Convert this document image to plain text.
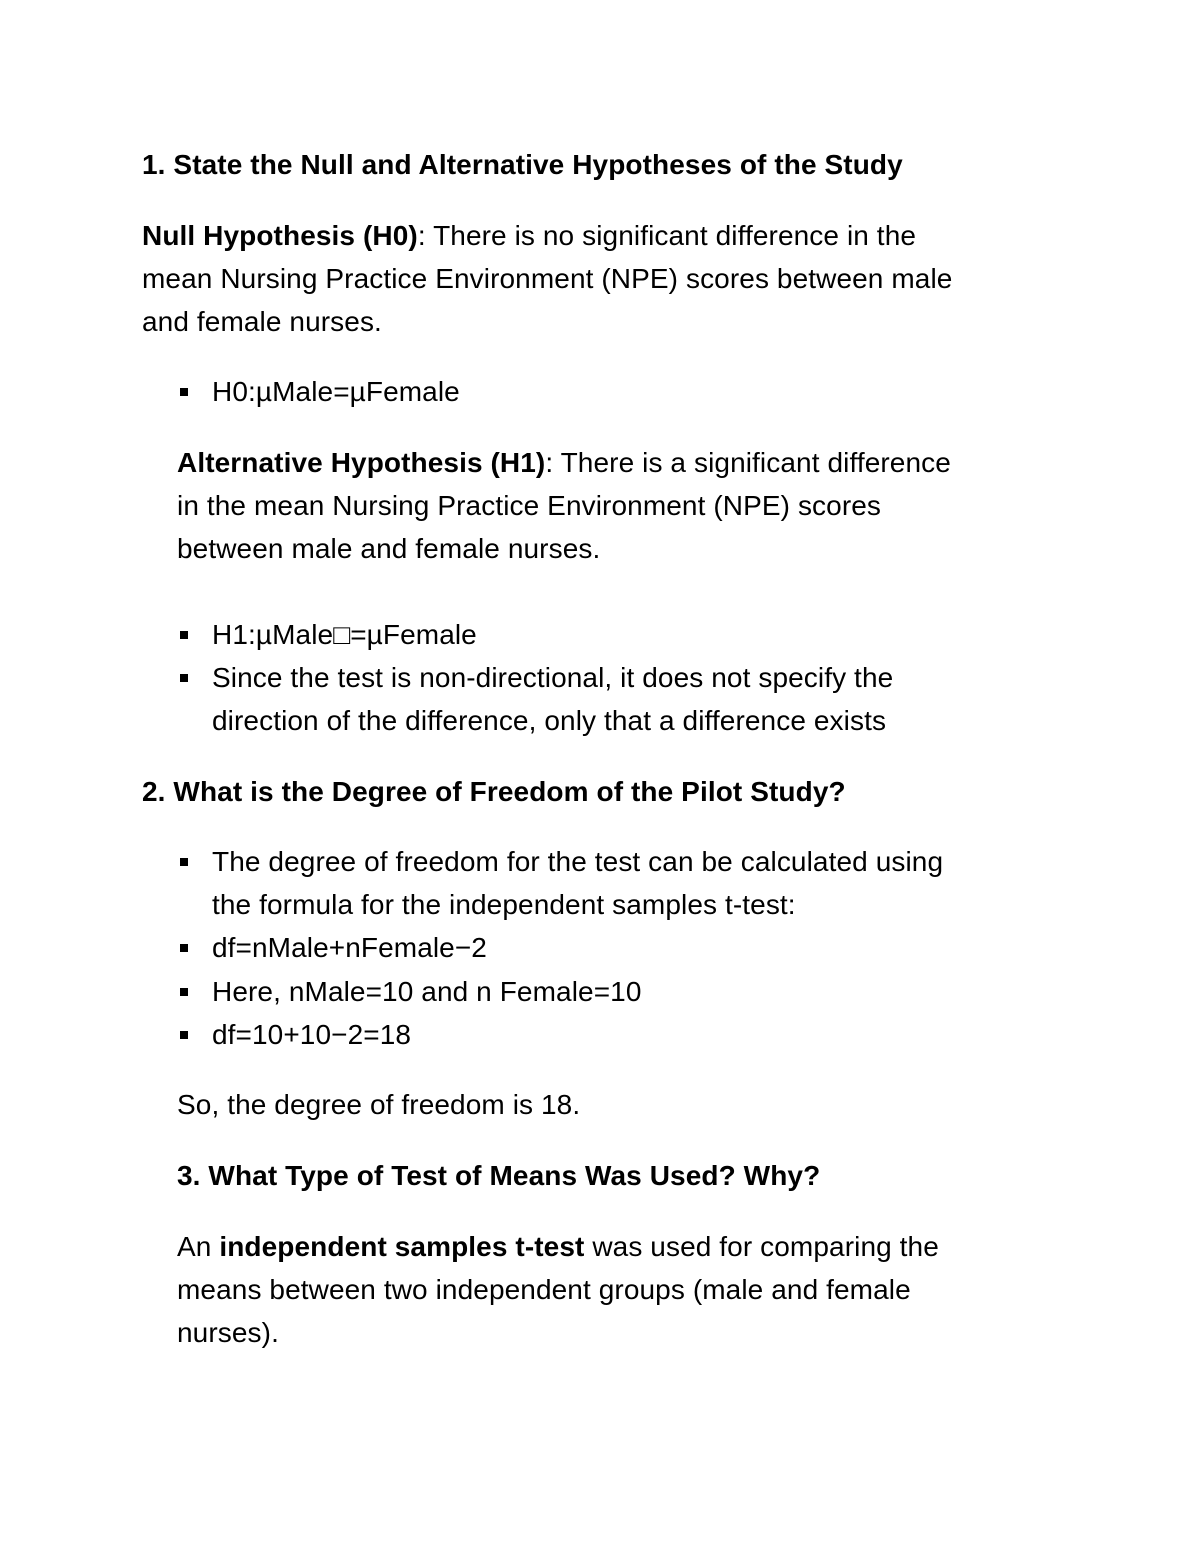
1. State the Null and Alternative Hypotheses of the Study
Null Hypothesis (H0): There is no significant difference in the
mean Nursing Practice Environment (NPE) scores between male
and female nurses.
H0:µMale=µFemale
Alternative Hypothesis (H1): There is a significant difference
in the mean Nursing Practice Environment (NPE) scores
between male and female nurses.
H1:µMale□=µFemale
Since the test is non-directional, it does not specify the
direction of the difference, only that a difference exists
2. What is the Degree of Freedom of the Pilot Study?
The degree of freedom for the test can be calculated using
the formula for the independent samples t-test:
df=nMale+nFemale−2
Here, nMale=10 and n Female=10
df=10+10−2=18
So, the degree of freedom is 18.
3. What Type of Test of Means Was Used? Why?
An independent samples t-test was used for comparing the
means between two independent groups (male and female
nurses).
